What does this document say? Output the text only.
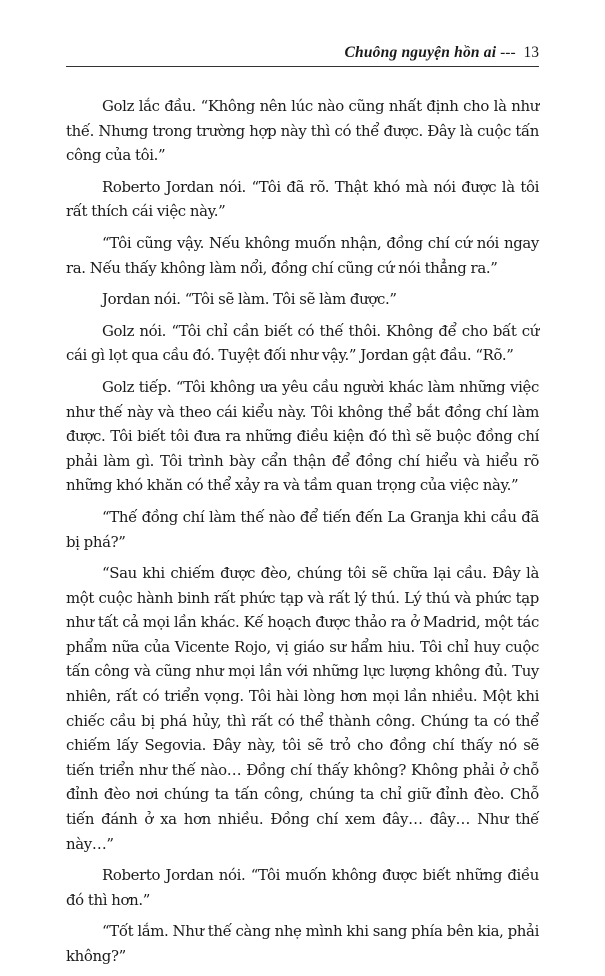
Chuông nguyện hồn ai --- 13

Golz lắc đầu. “Không nên lúc nào cũng nhất định cho là như thế. Nhưng trong trường hợp này thì có thể được. Đây là cuộc tấn công của tôi.”

Roberto Jordan nói. “Tôi đã rõ. Thật khó mà nói được là tôi rất thích cái việc này.”

“Tôi cũng vậy. Nếu không muốn nhận, đồng chí cứ nói ngay ra. Nếu thấy không làm nổi, đồng chí cũng cứ nói thẳng ra.”

Jordan nói. “Tôi sẽ làm. Tôi sẽ làm được.”

Golz nói. “Tôi chỉ cần biết có thế thôi. Không để cho bất cứ cái gì lọt qua cầu đó. Tuyệt đối như vậy.” Jordan gật đầu. “Rõ.”

Golz tiếp. “Tôi không ưa yêu cầu người khác làm những việc như thế này và theo cái kiểu này. Tôi không thể bắt đồng chí làm được. Tôi biết tôi đưa ra những điều kiện đó thì sẽ buộc đồng chí phải làm gì. Tôi trình bày cẩn thận để đồng chí hiểu và hiểu rõ những khó khăn có thể xảy ra và tầm quan trọng của việc này.”

“Thế đồng chí làm thế nào để tiến đến La Granja khi cầu đã bị phá?”

“Sau khi chiếm được đèo, chúng tôi sẽ chữa lại cầu. Đây là một cuộc hành binh rất phức tạp và rất lý thú. Lý thú và phức tạp như tất cả mọi lần khác. Kế hoạch được thảo ra ở Madrid, một tác phẩm nữa của Vicente Rojo, vị giáo sư hẩm hiu. Tôi chỉ huy cuộc tấn công và cũng như mọi lần với những lực lượng không đủ. Tuy nhiên, rất có triển vọng. Tôi hài lòng hơn mọi lần nhiều. Một khi chiếc cầu bị phá hủy, thì rất có thể thành công. Chúng ta có thể chiếm lấy Segovia. Đây này, tôi sẽ trỏ cho đồng chí thấy nó sẽ tiến triển như thế nào… Đồng chí thấy không? Không phải ở chỗ đỉnh đèo nơi chúng ta tấn công, chúng ta chỉ giữ đỉnh đèo. Chỗ tiến đánh ở xa hơn nhiều. Đồng chí xem đây… đây… Như thế này…”

Roberto Jordan nói. “Tôi muốn không được biết những điều đó thì hơn.”

“Tốt lắm. Như thế càng nhẹ mình khi sang phía bên kia, phải không?”
